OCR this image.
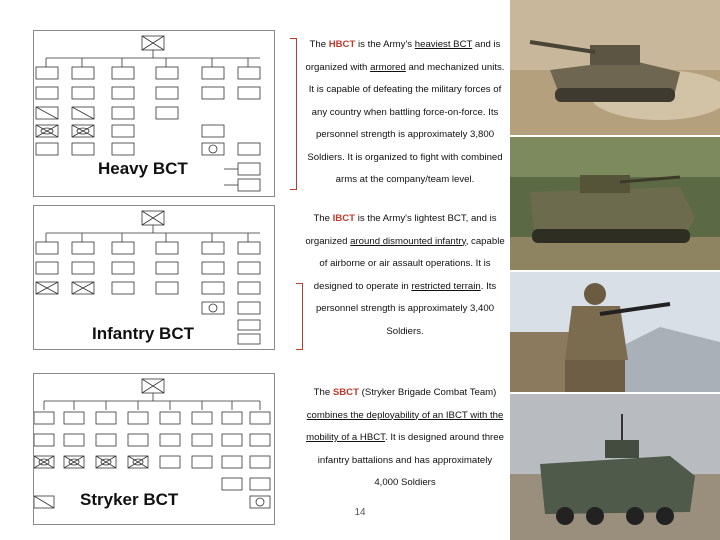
Heavy BCT
The HBCT is the Army's heaviest BCT and is organized with armored and mechanized units. It is capable of defeating the military forces of any country when battling force-on-force. Its personnel strength is approximately 3,800 Soldiers. It is organized to fight with combined arms at the company/team level.
Infantry BCT
The IBCT is the Army's lightest BCT, and is organized around dismounted infantry, capable of airborne or air assault operations. It is designed to operate in restricted terrain. Its personnel strength is approximately 3,400 Soldiers.
Stryker BCT
The SBCT (Stryker Brigade Combat Team) combines the deployability of an IBCT with the mobility of a HBCT. It is designed around three infantry battalions and has approximately 4,000 Soldiers
14
